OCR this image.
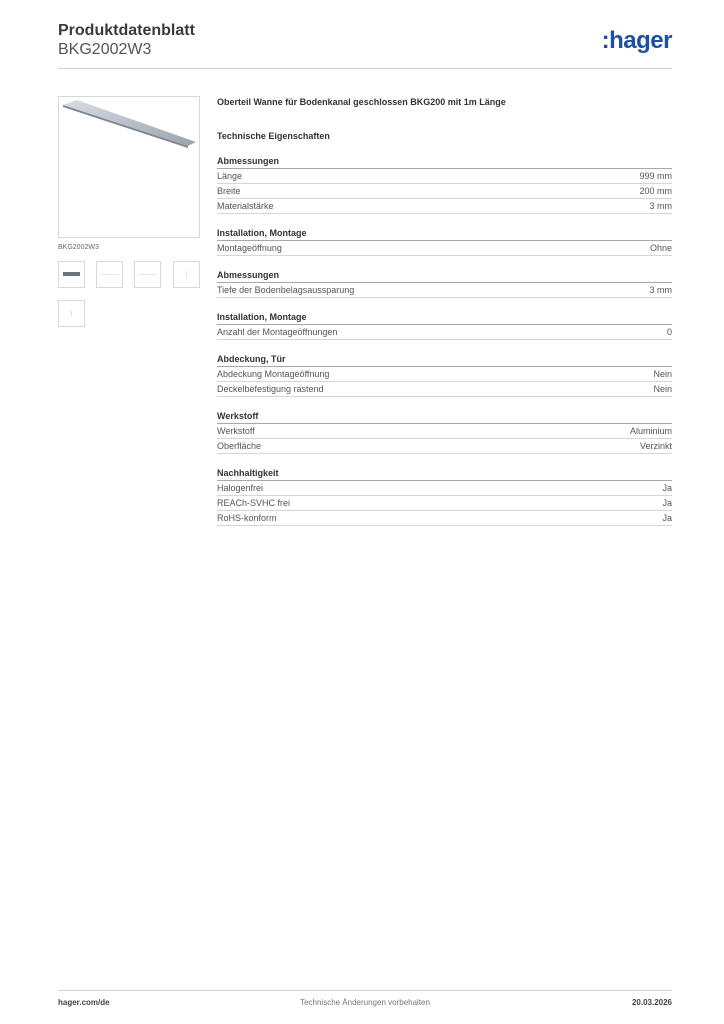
Produktdatenblatt
BKG2002W3	:hager
BKG2002W3
Oberteil Wanne für Bodenkanal geschlossen BKG200 mit 1m Länge
Technische Eigenschaften
Abmessungen
Länge	999 mm
Breite	200 mm
Materialstärke	3 mm
Installation, Montage
Montageöffnung	Ohne
Abmessungen
Tiefe der Bodenbelagsaussparung	3 mm
Installation, Montage
Anzahl der Montageöffnungen	0
Abdeckung, Tür
Abdeckung Montageöffnung	Nein
Deckelbefestigung rastend	Nein
Werkstoff
Werkstoff	Aluminium
Oberfläche	Verzinkt
Nachhaltigkeit
Halogenfrei	Ja
REACh-SVHC frei	Ja
RoHS-konform	Ja
hager.com/de	Technische Änderungen vorbehalten	20.03.2026
